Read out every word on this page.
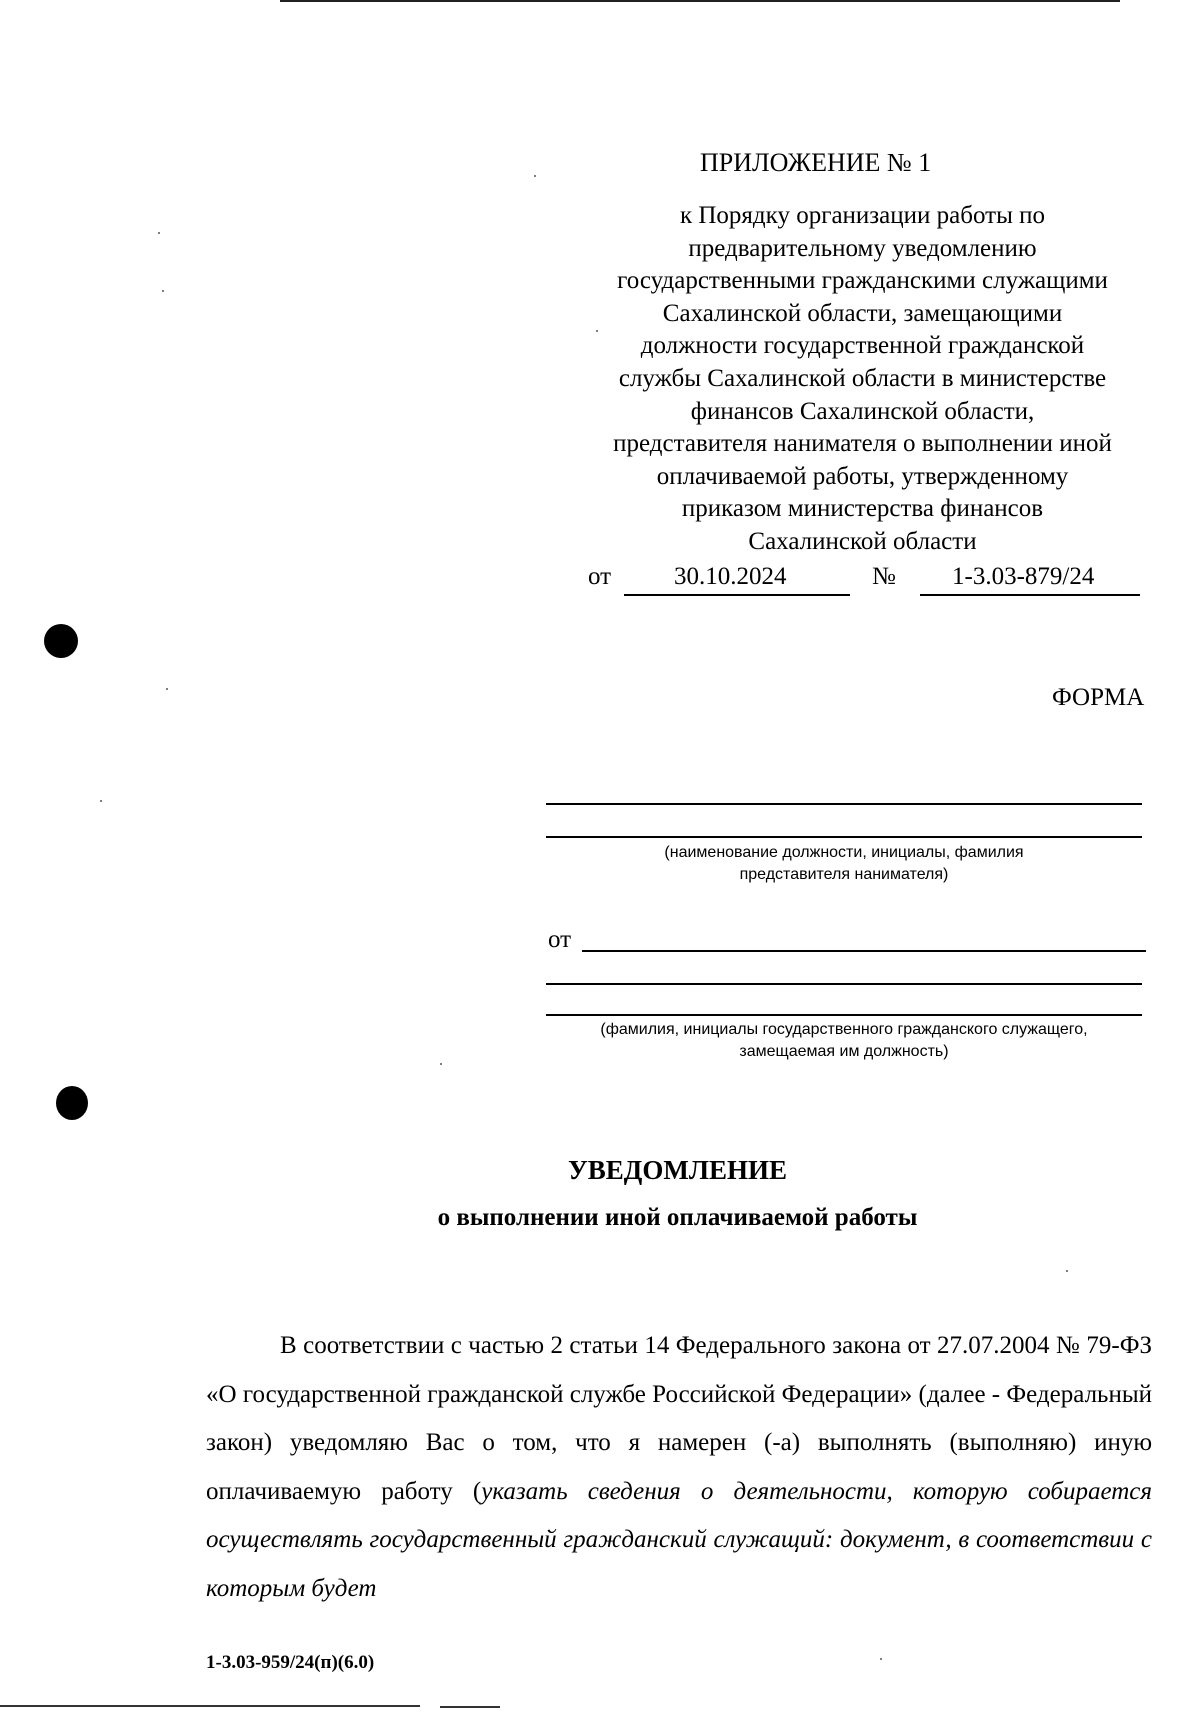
ПРИЛОЖЕНИЕ № 1
к Порядку организации работы по
предварительному уведомлению
государственными гражданскими служащими
Сахалинской области, замещающими
должности государственной гражданской
службы Сахалинской области в министерстве
финансов Сахалинской области,
представителя нанимателя о выполнении иной
оплачиваемой работы, утвержденному
приказом министерства финансов
Сахалинской области
от	30.10.2024	№ 1-3.03-879/24
ФОРМА
(наименование должности, инициалы, фамилия
представителя нанимателя)
от
(фамилия, инициалы государственного гражданского служащего,
замещаемая им должность)
УВЕДОМЛЕНИЕ
о выполнении иной оплачиваемой работы
В соответствии с частью 2 статьи 14 Федерального закона от 27.07.2004 № 79-ФЗ «О государственной гражданской службе Российской Федерации» (далее - Федеральный закон) уведомляю Вас о том, что я намерен (-а) выполнять (выполняю) иную оплачиваемую работу (указать сведения о деятельности, которую собирается осуществлять государственный гражданский служащий: документ, в соответствии с которым будет
1-3.03-959/24(п)(6.0)
